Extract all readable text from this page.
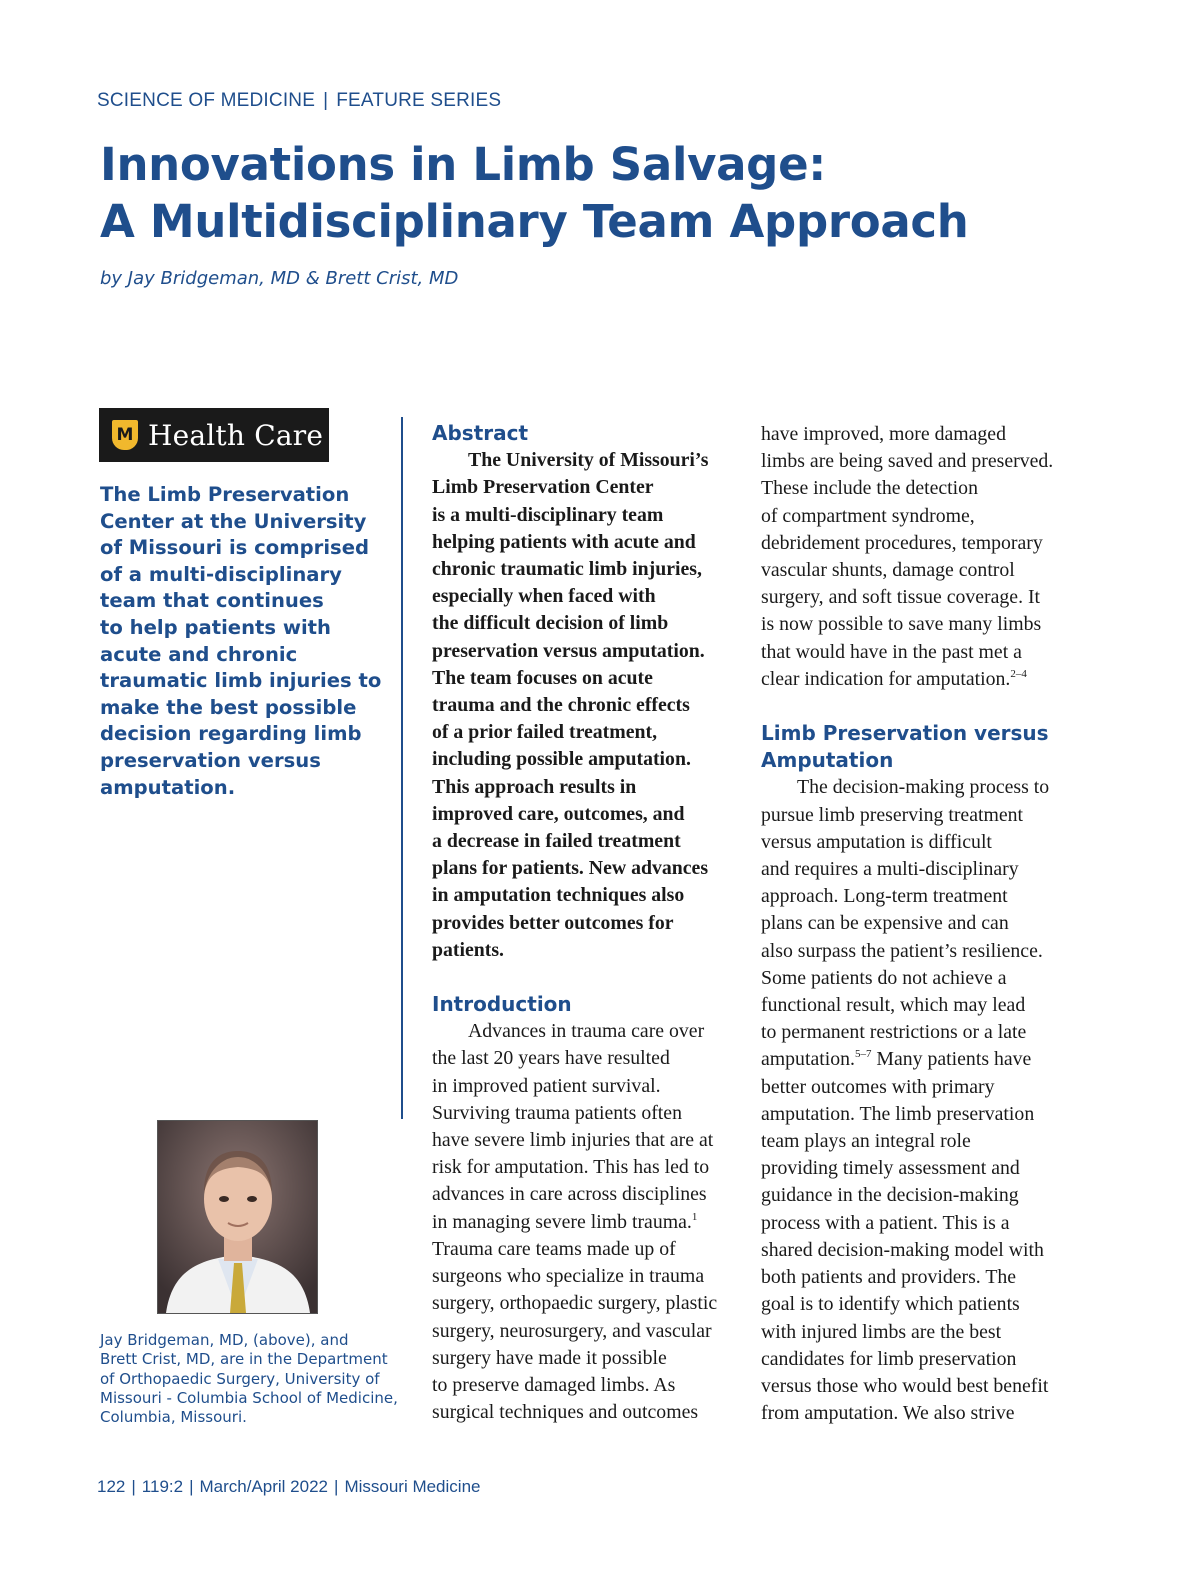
SCIENCE OF MEDICINE | FEATURE SERIES
Innovations in Limb Salvage:
A Multidisciplinary Team Approach
by Jay Bridgeman, MD & Brett Crist, MD
M Health Care

The Limb Preservation
Center at the University
of Missouri is comprised
of a multi-disciplinary
team that continues
to help patients with
acute and chronic
traumatic limb injuries to
make the best possible
decision regarding limb
preservation versus
amputation.

Jay Bridgeman, MD, (above), and
Brett Crist, MD, are in the Department
of Orthopaedic Surgery, University of
Missouri - Columbia School of Medicine,
Columbia, Missouri.

Abstract
The University of Missouri’s
Limb Preservation Center
is a multi-disciplinary team
helping patients with acute and
chronic traumatic limb injuries,
especially when faced with
the difficult decision of limb
preservation versus amputation.
The team focuses on acute
trauma and the chronic effects
of a prior failed treatment,
including possible amputation.
This approach results in
improved care, outcomes, and
a decrease in failed treatment
plans for patients. New advances
in amputation techniques also
provides better outcomes for
patients.
Introduction
Advances in trauma care over
the last 20 years have resulted
in improved patient survival.
Surviving trauma patients often
have severe limb injuries that are at
risk for amputation. This has led to
advances in care across disciplines
in managing severe limb trauma.$^1$
Trauma care teams made up of
surgeons who specialize in trauma
surgery, orthopaedic surgery, plastic
surgery, neurosurgery, and vascular
surgery have made it possible
to preserve damaged limbs. As
surgical techniques and outcomes
have improved, more damaged
limbs are being saved and preserved.
These include the detection
of compartment syndrome,
debridement procedures, temporary
vascular shunts, damage control
surgery, and soft tissue coverage. It
is now possible to save many limbs
that would have in the past met a
clear indication for amputation.$^{2-4}$
Limb Preservation versus
Amputation
The decision-making process to
pursue limb preserving treatment
versus amputation is difficult
and requires a multi-disciplinary
approach. Long-term treatment
plans can be expensive and can
also surpass the patient’s resilience.
Some patients do not achieve a
functional result, which may lead
to permanent restrictions or a late
amputation.$^{5-7}$ Many patients have
better outcomes with primary
amputation. The limb preservation
team plays an integral role
providing timely assessment and
guidance in the decision-making
process with a patient. This is a
shared decision-making model with
both patients and providers. The
goal is to identify which patients
with injured limbs are the best
candidates for limb preservation
versus those who would best benefit
from amputation. We also strive
122 | 119:2 | March/April 2022 | Missouri Medicine
